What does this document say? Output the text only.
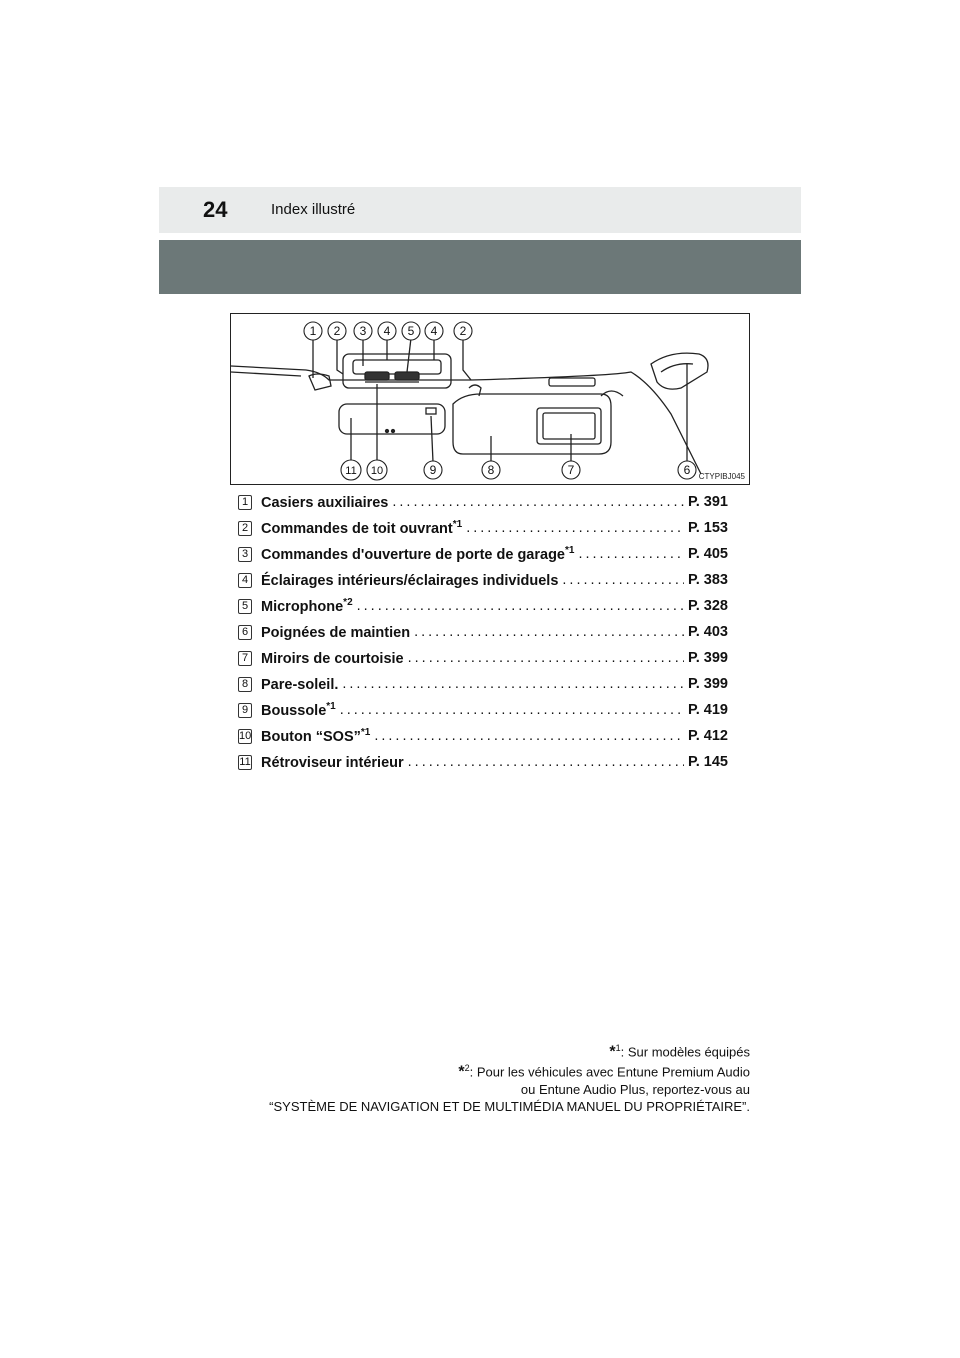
24	Index illustré
1 2 3 4 5 4 2
11 10	9	8	7	6 CTYPIBJ045
1 Casiers auxiliaires .....	P. 391
2 Commandes de toit ouvrant$^{*1}$ .....	P. 153
3 Commandes d'ouverture de porte de garage$^{*1}$ .....	P. 405
4 Éclairages intérieurs/éclairages individuels .....	P. 383
5 Microphone$^{*2}$ .....	P. 328
6 Poignées de maintien .....	P. 403
7 Miroirs de courtoisie .....	P. 399
8 Pare-soleil. .....	P. 399
9 Boussole$^{*1}$ .....	P. 419
10 Bouton “SOS”$^{*1}$ .....	P. 412
11 Rétroviseur intérieur .....	P. 145
*$^1$: Sur modèles équipés
*$^2$: Pour les véhicules avec Entune Premium Audio
ou Entune Audio Plus, reportez-vous au
“SYSTÈME DE NAVIGATION ET DE MULTIMÉDIA MANUEL DU PROPRIÉTAIRE”.
